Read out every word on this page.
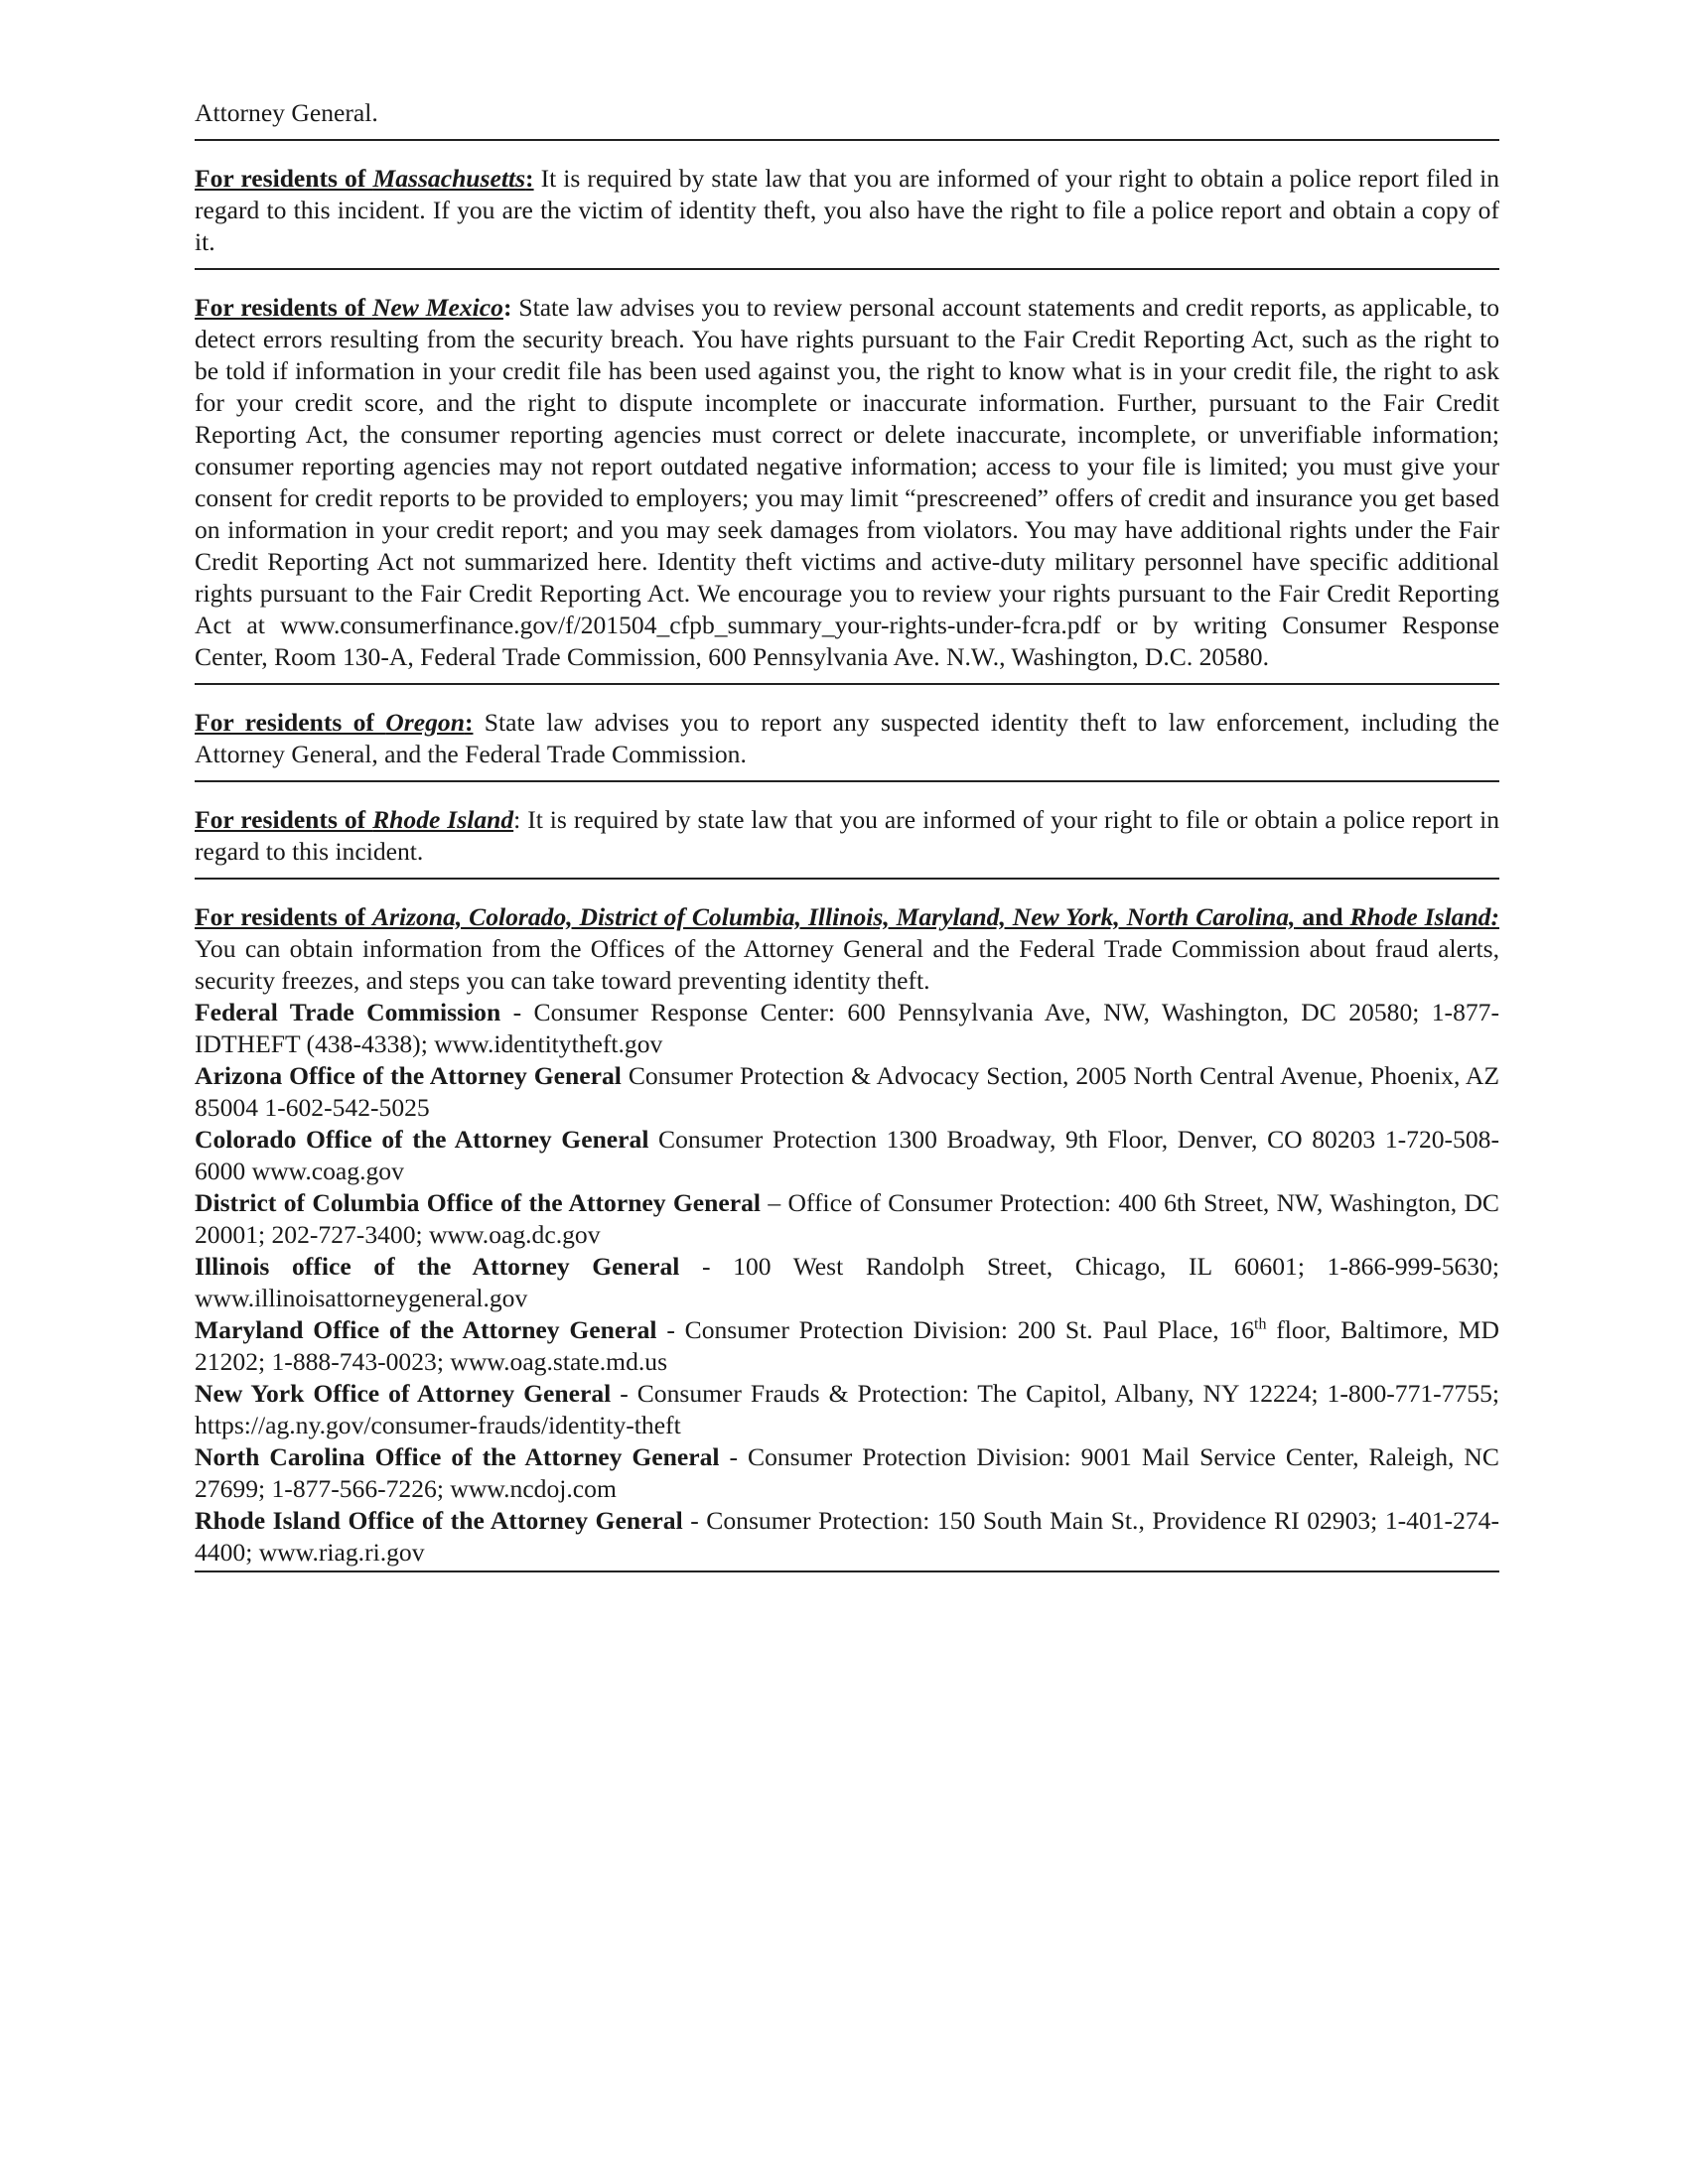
Attorney General.

For residents of Massachusetts: It is required by state law that you are informed of your right to obtain a police report filed in regard to this incident. If you are the victim of identity theft, you also have the right to file a police report and obtain a copy of it.

For residents of New Mexico: State law advises you to review personal account statements and credit reports, as applicable, to detect errors resulting from the security breach. You have rights pursuant to the Fair Credit Reporting Act, such as the right to be told if information in your credit file has been used against you, the right to know what is in your credit file, the right to ask for your credit score, and the right to dispute incomplete or inaccurate information. Further, pursuant to the Fair Credit Reporting Act, the consumer reporting agencies must correct or delete inaccurate, incomplete, or unverifiable information; consumer reporting agencies may not report outdated negative information; access to your file is limited; you must give your consent for credit reports to be provided to employers; you may limit “prescreened” offers of credit and insurance you get based on information in your credit report; and you may seek damages from violators. You may have additional rights under the Fair Credit Reporting Act not summarized here. Identity theft victims and active-duty military personnel have specific additional rights pursuant to the Fair Credit Reporting Act. We encourage you to review your rights pursuant to the Fair Credit Reporting Act at www.consumerfinance.gov/f/201504_cfpb_summary_your-rights-under-fcra.pdf or by writing Consumer Response Center, Room 130-A, Federal Trade Commission, 600 Pennsylvania Ave. N.W., Washington, D.C. 20580.

For residents of Oregon: State law advises you to report any suspected identity theft to law enforcement, including the Attorney General, and the Federal Trade Commission.

For residents of Rhode Island: It is required by state law that you are informed of your right to file or obtain a police report in regard to this incident.

For residents of Arizona, Colorado, District of Columbia, Illinois, Maryland, New York, North Carolina, and Rhode Island: You can obtain information from the Offices of the Attorney General and the Federal Trade Commission about fraud alerts, security freezes, and steps you can take toward preventing identity theft.

Federal Trade Commission - Consumer Response Center: 600 Pennsylvania Ave, NW, Washington, DC 20580; 1-877-IDTHEFT (438-4338); www.identitytheft.gov

Arizona Office of the Attorney General Consumer Protection & Advocacy Section, 2005 North Central Avenue, Phoenix, AZ 85004 1-602-542-5025

Colorado Office of the Attorney General Consumer Protection 1300 Broadway, 9th Floor, Denver, CO 80203 1-720-508-6000 www.coag.gov

District of Columbia Office of the Attorney General – Office of Consumer Protection: 400 6th Street, NW, Washington, DC 20001; 202-727-3400; www.oag.dc.gov

Illinois office of the Attorney General - 100 West Randolph Street, Chicago, IL 60601; 1-866-999-5630; www.illinoisattorneygeneral.gov

Maryland Office of the Attorney General - Consumer Protection Division: 200 St. Paul Place, 16th floor, Baltimore, MD 21202; 1-888-743-0023; www.oag.state.md.us

New York Office of Attorney General - Consumer Frauds & Protection: The Capitol, Albany, NY 12224; 1-800-771-7755; https://ag.ny.gov/consumer-frauds/identity-theft

North Carolina Office of the Attorney General - Consumer Protection Division: 9001 Mail Service Center, Raleigh, NC 27699; 1-877-566-7226; www.ncdoj.com

Rhode Island Office of the Attorney General - Consumer Protection: 150 South Main St., Providence RI 02903; 1-401-274-4400; www.riag.ri.gov
